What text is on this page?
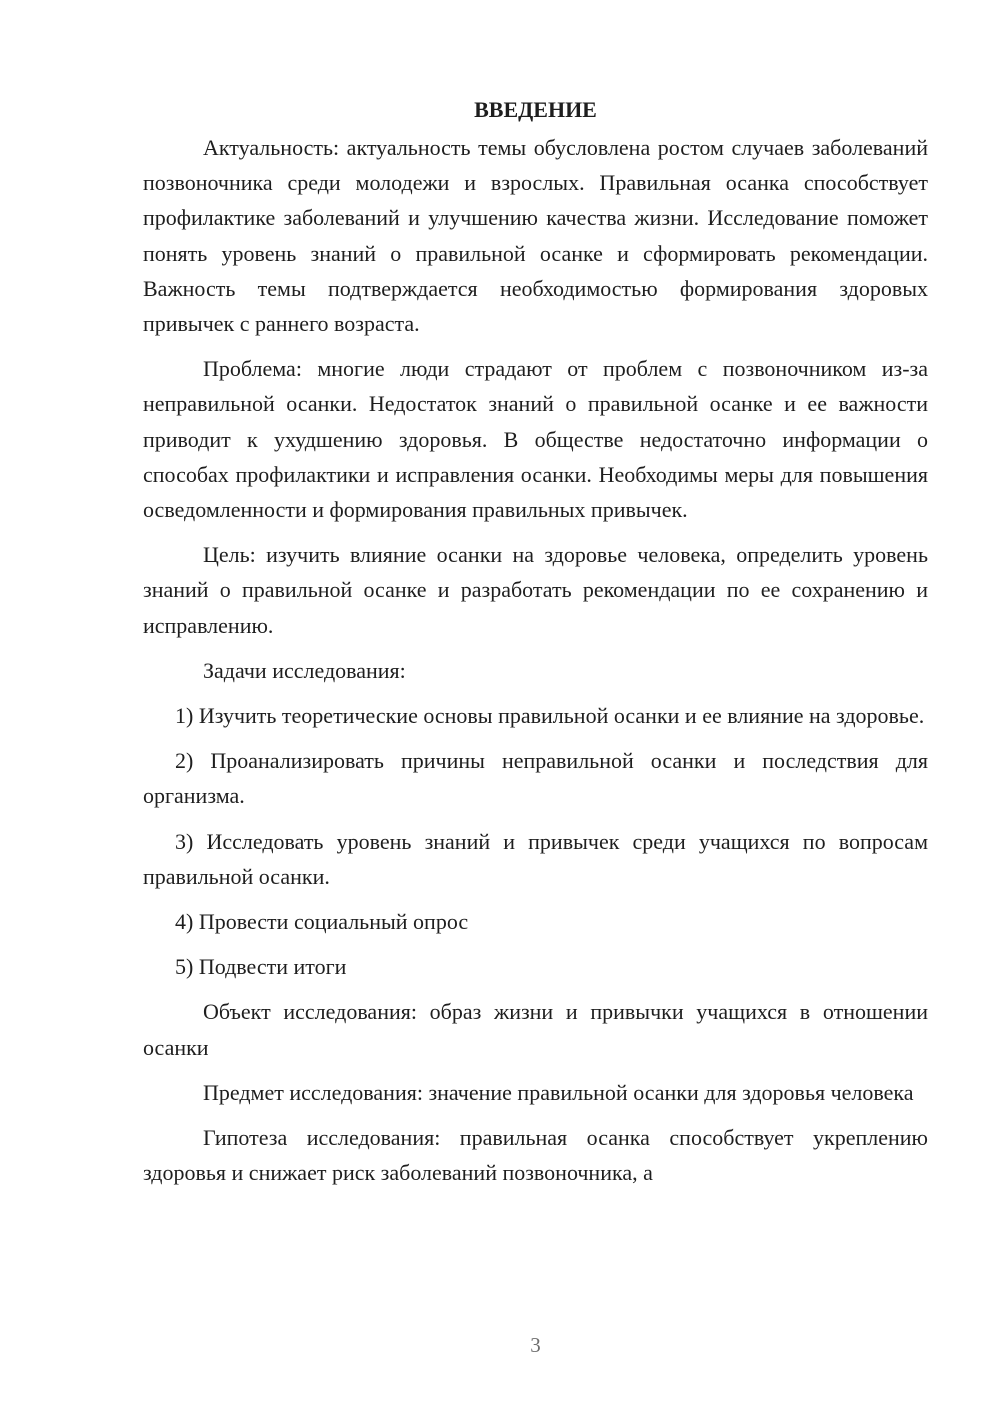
ВВЕДЕНИЕ

Актуальность: актуальность темы обусловлена ростом случаев заболеваний позвоночника среди молодежи и взрослых. Правильная осанка способствует профилактике заболеваний и улучшению качества жизни. Исследование поможет понять уровень знаний о правильной осанке и сформировать рекомендации. Важность темы подтверждается необходимостью формирования здоровых привычек с раннего возраста.

Проблема: многие люди страдают от проблем с позвоночником из-за неправильной осанки. Недостаток знаний о правильной осанке и ее важности приводит к ухудшению здоровья. В обществе недостаточно информации о способах профилактики и исправления осанки. Необходимы меры для повышения осведомленности и формирования правильных привычек.

Цель: изучить влияние осанки на здоровье человека, определить уровень знаний о правильной осанке и разработать рекомендации по ее сохранению и исправлению.

Задачи исследования:

1) Изучить теоретические основы правильной осанки и ее влияние на здоровье.

2) Проанализировать причины неправильной осанки и последствия для организма.

3) Исследовать уровень знаний и привычек среди учащихся по вопросам правильной осанки.

4) Провести социальный опрос

5) Подвести итоги

Объект исследования: образ жизни и привычки учащихся в отношении осанки

Предмет исследования: значение правильной осанки для здоровья человека

Гипотеза исследования: правильная осанка способствует укреплению здоровья и снижает риск заболеваний позвоночника, а

3
